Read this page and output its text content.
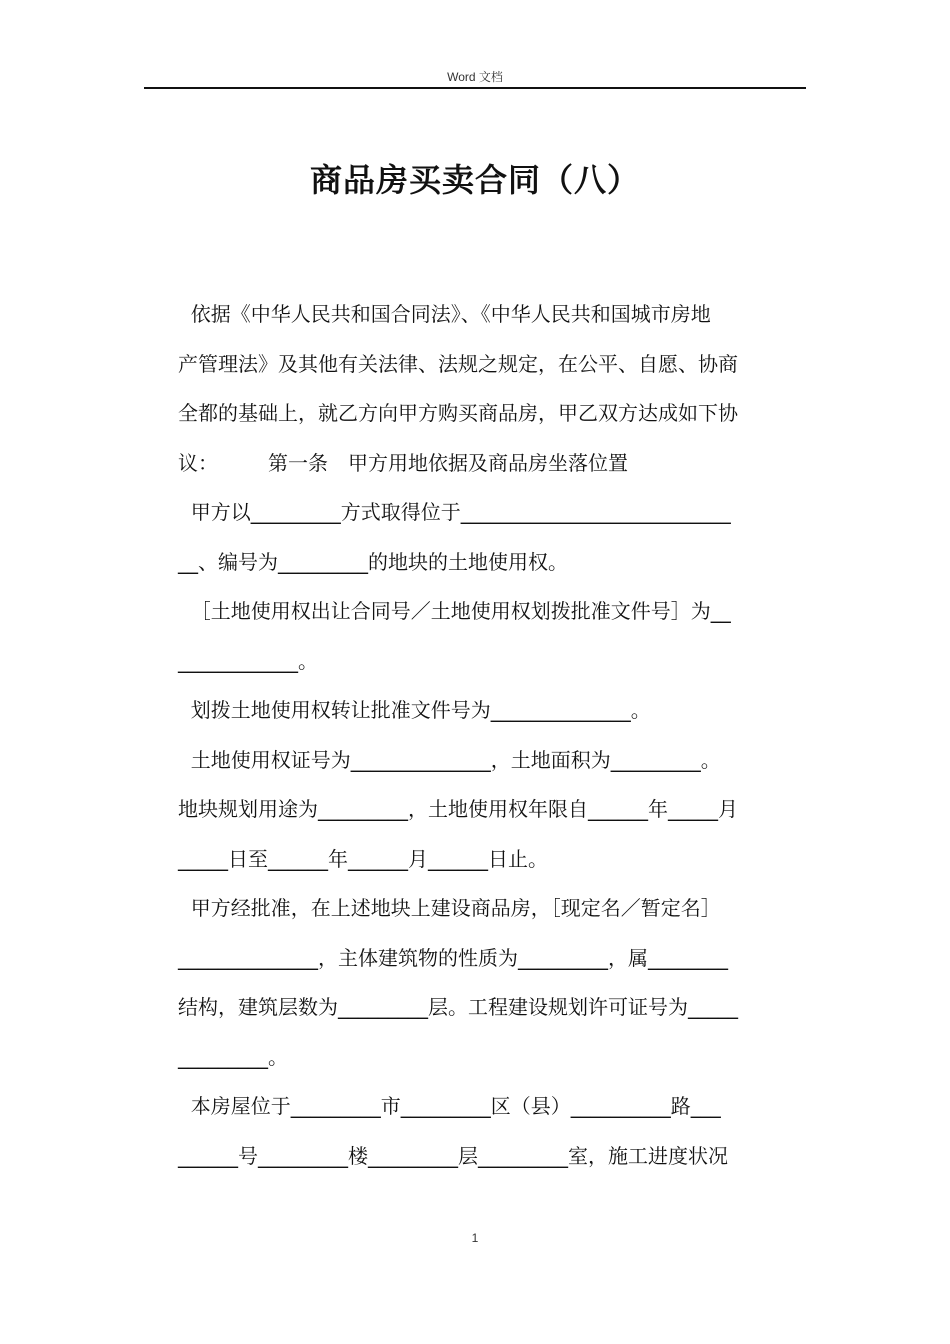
Word 文档
商品房买卖合同（八）
依据《中华人民共和国合同法》、《中华人民共和国城市房地
产管理法》及其他有关法律、法规之规定，在公平、自愿、协商
全都的基础上，就乙方向甲方购买商品房，甲乙双方达成如下协
议：　　　第一条　甲方用地依据及商品房坐落位置
甲方以_________方式取得位于___________________________
__、编号为_________的地块的土地使用权。
［土地使用权出让合同号／土地使用权划拨批准文件号］为__
____________。
划拨土地使用权转让批准文件号为______________。
土地使用权证号为______________，土地面积为_________。
地块规划用途为_________，土地使用权年限自______年_____月
_____日至______年______月______日止。
甲方经批准，在上述地块上建设商品房，［现定名／暂定名］
______________，主体建筑物的性质为_________，属________
结构，建筑层数为_________层。工程建设规划许可证号为_____
_________。
本房屋位于_________市_________区（县）__________路___
______号_________楼_________层_________室，施工进度状况
1
